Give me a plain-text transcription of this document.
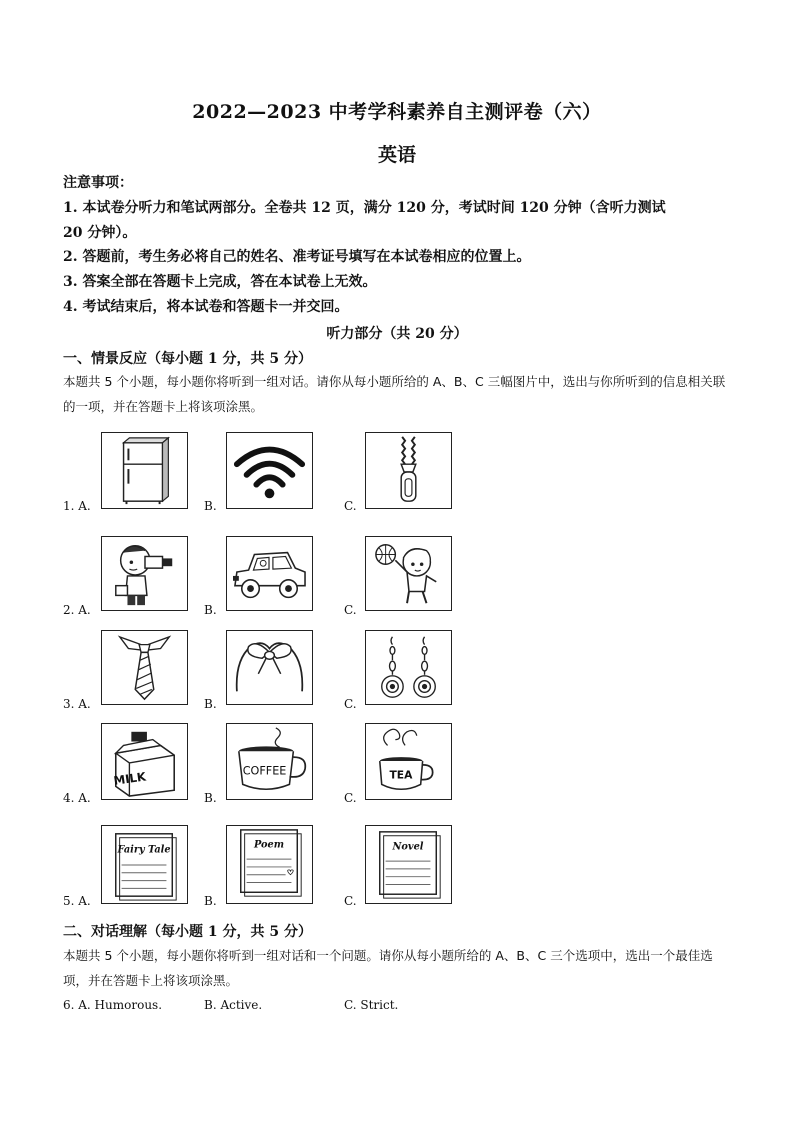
2022—2023 中考学科素养自主测评卷（六）
英语
注意事项：
1. 本试卷分听力和笔试两部分。全卷共 12 页，满分 120 分，考试时间 120 分钟（含听力测试
20 分钟）。
2. 答题前，考生务必将自己的姓名、准考证号填写在本试卷相应的位置上。
3. 答案全部在答题卡上完成，答在本试卷上无效。
4. 考试结束后，将本试卷和答题卡一并交回。
听力部分（共 20 分）
一、情景反应（每小题 1 分，共 5 分）
本题共 5 个小题，每小题你将听到一组对话。请你从每小题所给的 A、B、C 三幅图片中，选出与你所听到的信息相关联的一项，并在答题卡上将该项涂黑。
1. A.	B.	C.
2. A.	B.	C.
3. A.	B.	C.
4. A.
MILK
B.
COFFEE
C.
TEA
5. A.
Fairy Tale
B.
Poem
C.
Novel
二、对话理解（每小题 1 分，共 5 分）
本题共 5 个小题，每小题你将听到一组对话和一个问题。请你从每小题所给的 A、B、C 三个选项中，选出一个最佳选项，并在答题卡上将该项涂黑。
6. A. Humorous.	B. Active.	C. Strict.
